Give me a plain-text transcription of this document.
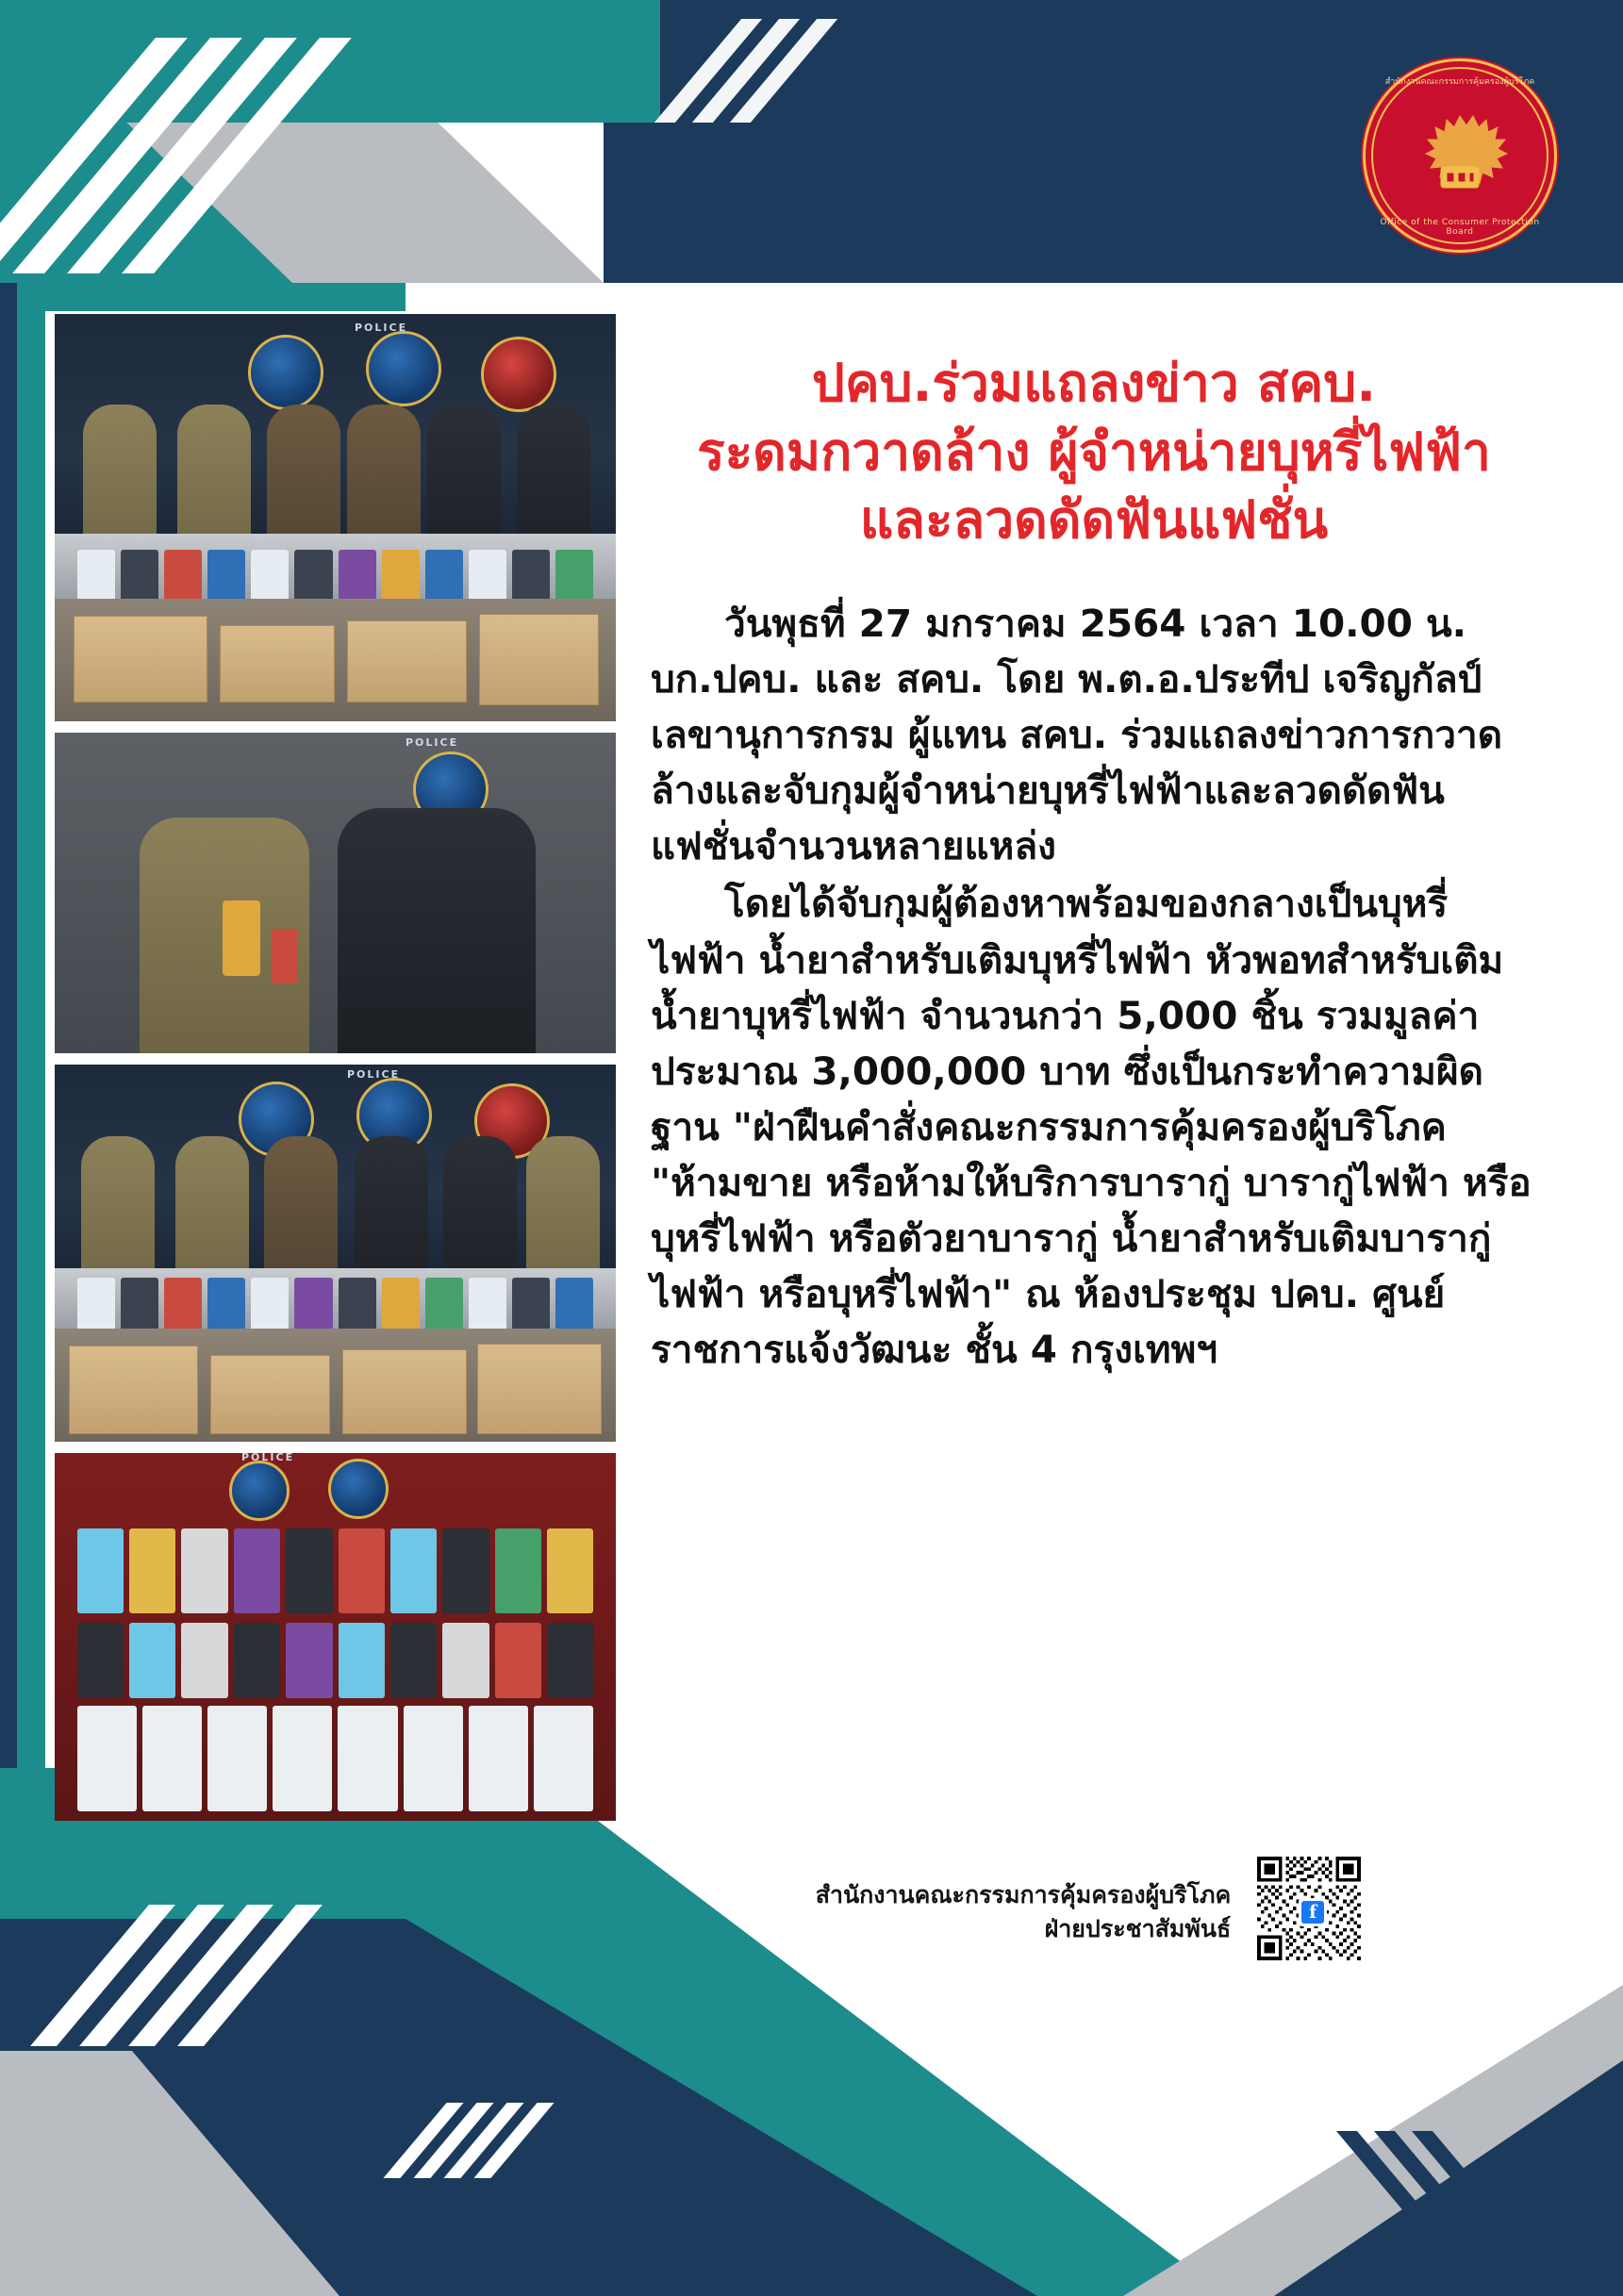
สำนักงานคณะกรรมการคุ้มครองผู้บริโภค
Office of the Consumer Protection Board
POLICE
POLICE
POLICE
POLICE
ปคบ.ร่วมแถลงข่าว สคบ.
ระดมกวาดล้าง ผู้จำหน่ายบุหรี่ไฟฟ้า
และลวดดัดฟันแฟชั่น

วันพุธที่ 27 มกราคม 2564 เวลา 10.00 น. บก.ปคบ. และ สคบ. โดย พ.ต.อ.ประทีป เจริญกัลป์ เลขานุการกรม ผู้แทน สคบ. ร่วมแถลงข่าวการกวาดล้างและจับกุมผู้จำหน่ายบุหรี่ไฟฟ้าและลวดดัดฟันแฟชั่นจำนวนหลายแหล่ง

โดยได้จับกุมผู้ต้องหาพร้อมของกลางเป็นบุหรี่ไฟฟ้า น้ำยาสำหรับเติมบุหรี่ไฟฟ้า หัวพอทสำหรับเติมน้ำยาบุหรี่ไฟฟ้า จำนวนกว่า 5,000 ชิ้น รวมมูลค่า ประมาณ 3,000,000 บาท ซึ่งเป็นกระทำความผิดฐาน "ฝ่าฝืนคำสั่งคณะกรรมการคุ้มครองผู้บริโภค "ห้ามขาย หรือห้ามให้บริการบารากู่ บารากู่ไฟฟ้า หรือ บุหรี่ไฟฟ้า หรือตัวยาบารากู่ น้ำยาสำหรับเติมบารากู่ไฟฟ้า หรือบุหรี่ไฟฟ้า" ณ ห้องประชุม ปคบ. ศูนย์ราชการแจ้งวัฒนะ ชั้น 4 กรุงเทพฯ

สำนักงานคณะกรรมการคุ้มครองผู้บริโภค
ฝ่ายประชาสัมพันธ์
f
